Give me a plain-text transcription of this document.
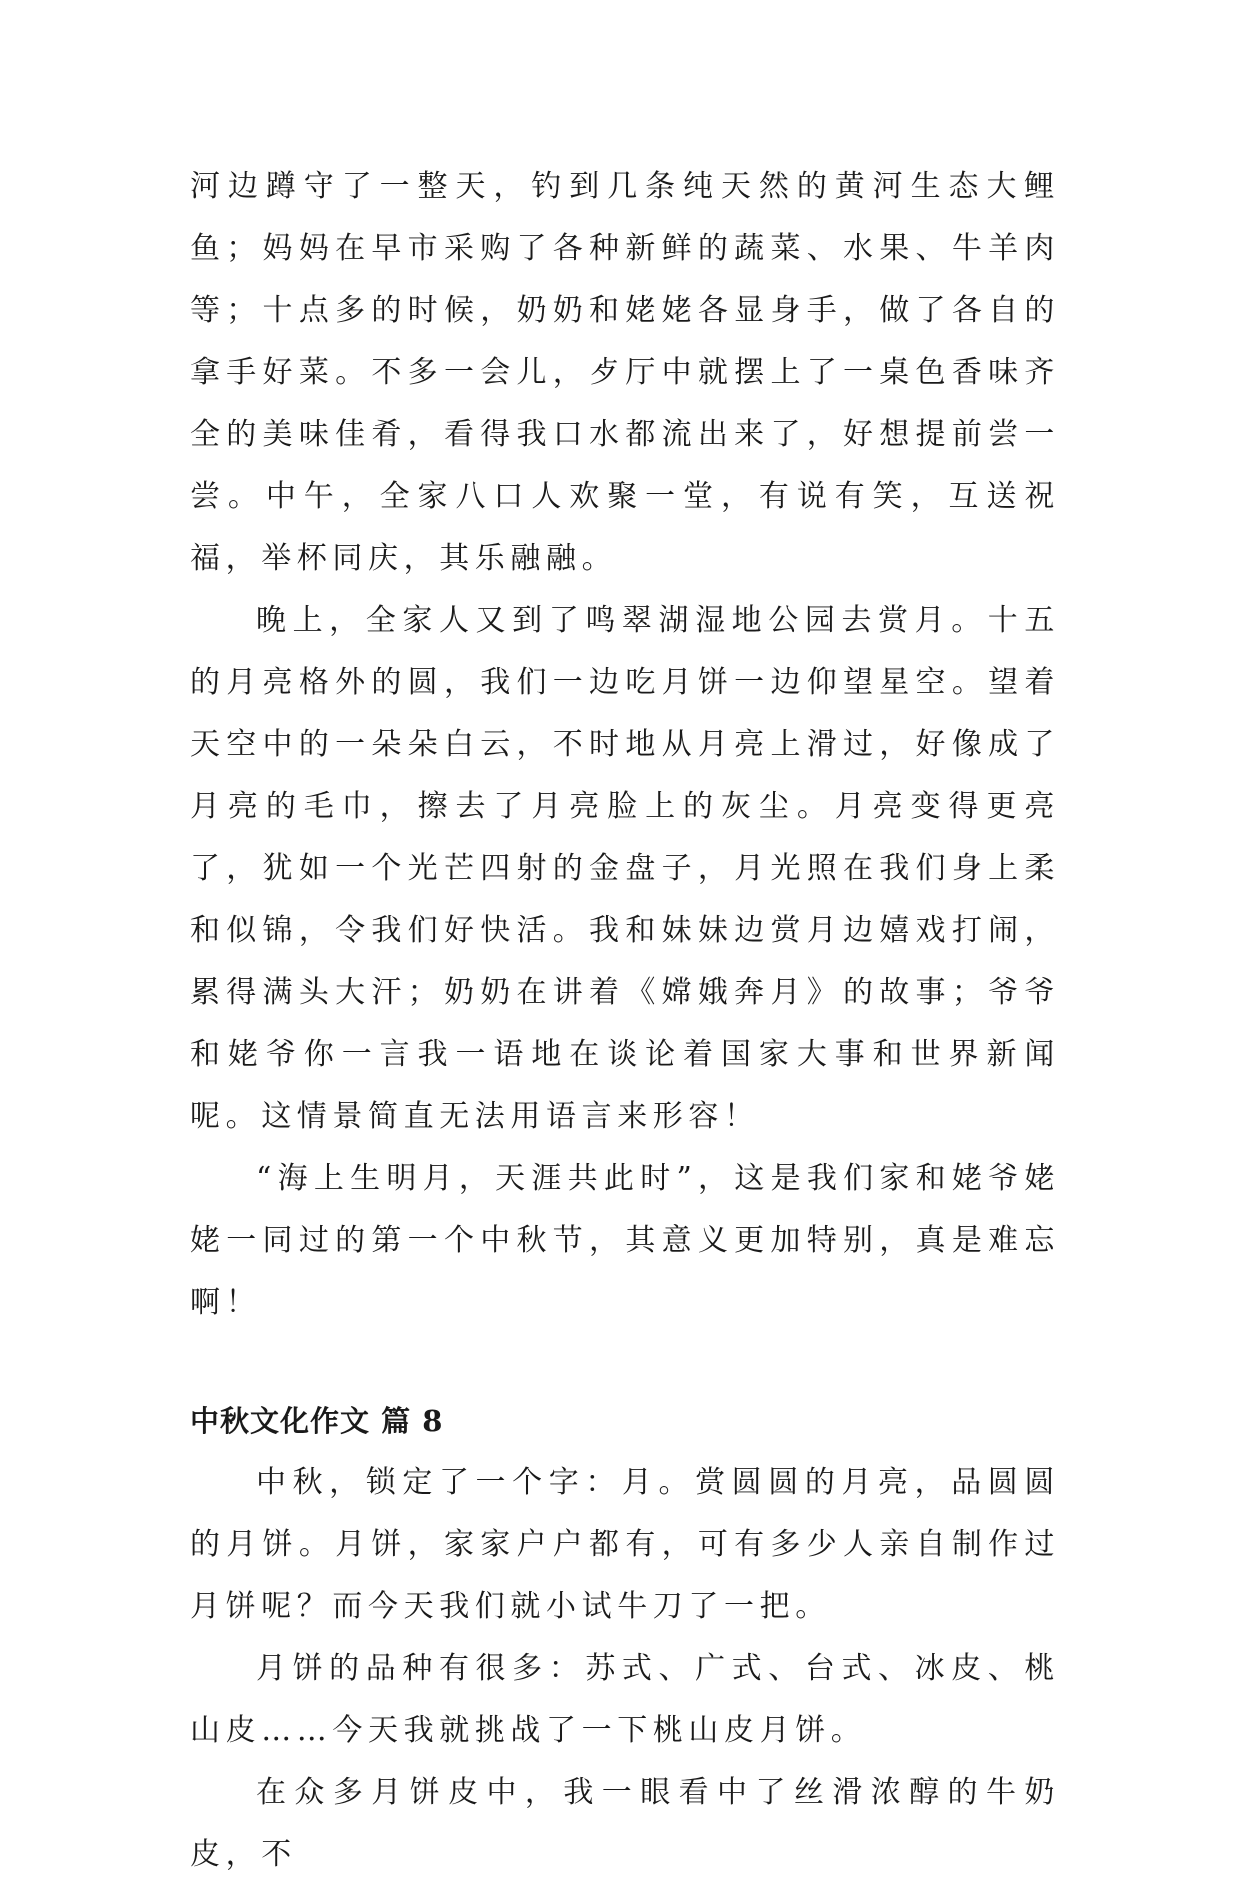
河边蹲守了一整天，钓到几条纯天然的黄河生态大鲤鱼；妈妈在早市采购了各种新鲜的蔬菜、水果、牛羊肉等；十点多的时候，奶奶和姥姥各显身手，做了各自的拿手好菜。不多一会儿，歺厅中就摆上了一桌色香味齐全的美味佳肴，看得我口水都流出来了，好想提前尝一尝。中午，全家八口人欢聚一堂，有说有笑，互送祝福，举杯同庆，其乐融融。

晚上，全家人又到了鸣翠湖湿地公园去赏月。十五的月亮格外的圆，我们一边吃月饼一边仰望星空。望着天空中的一朵朵白云，不时地从月亮上滑过，好像成了月亮的毛巾，擦去了月亮脸上的灰尘。月亮变得更亮了，犹如一个光芒四射的金盘子，月光照在我们身上柔和似锦，令我们好快活。我和妹妹边赏月边嬉戏打闹，累得满头大汗；奶奶在讲着《嫦娥奔月》的故事；爷爷和姥爷你一言我一语地在谈论着国家大事和世界新闻呢。这情景简直无法用语言来形容！

“海上生明月，天涯共此时”，这是我们家和姥爷姥姥一同过的第一个中秋节，其意义更加特别，真是难忘啊！

中秋文化作文 篇 8

中秋，锁定了一个字：月。赏圆圆的月亮，品圆圆的月饼。月饼，家家户户都有，可有多少人亲自制作过月饼呢？而今天我们就小试牛刀了一把。

月饼的品种有很多：苏式、广式、台式、冰皮、桃山皮……今天我就挑战了一下桃山皮月饼。

在众多月饼皮中，我一眼看中了丝滑浓醇的牛奶皮，不
